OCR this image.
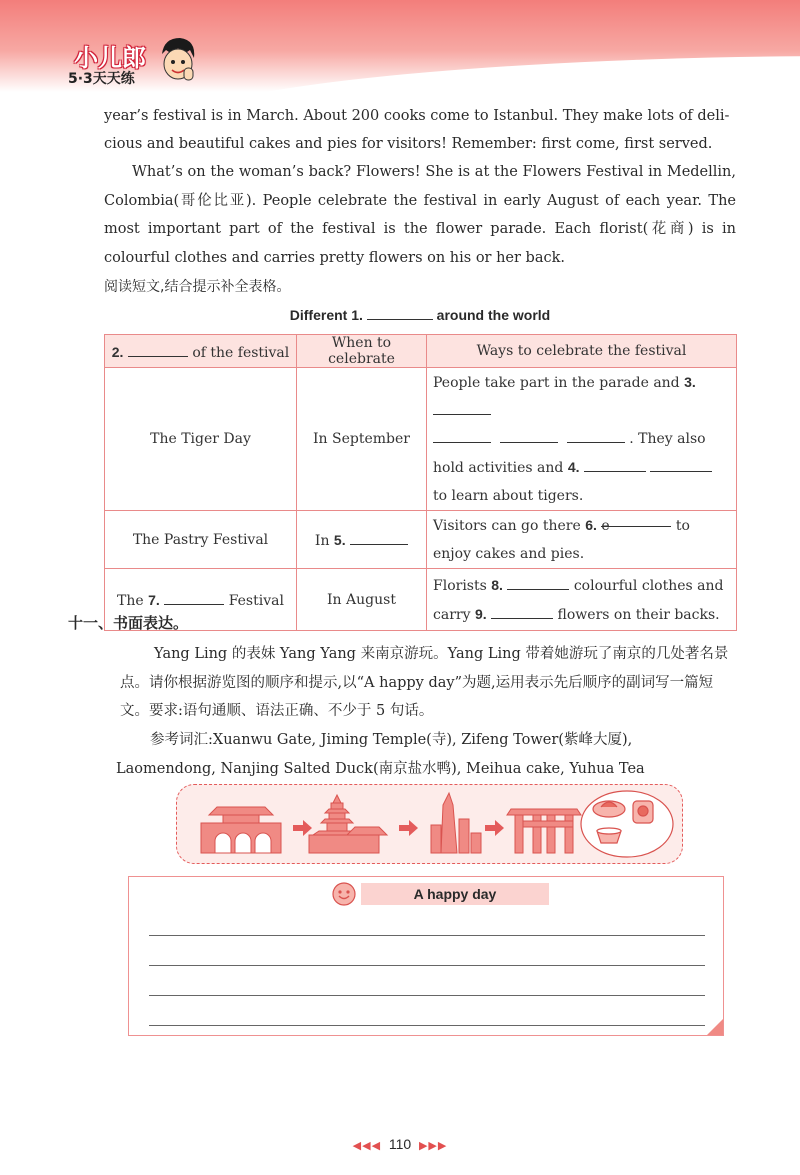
小儿郎
5·3天天练
year’s festival is in March. About 200 cooks come to Istanbul. They make lots of deli-
cious and beautiful cakes and pies for visitors! Remember: first come, first served.
What’s on the woman’s back? Flowers! She is at the Flowers Festival in Medellin, Colombia(哥伦比亚). People celebrate the festival in early August of each year. The most important part of the festival is the flower parade. Each florist(花商) is in colourful clothes and carries pretty flowers on his or her back.
阅读短文,结合提示补全表格。
Different 1.	around the world
2. of the festival	When to celebrate	Ways to celebrate the festival
The Tiger Day	In September	People take part in the parade and 3.
. They also hold activities and 4.   to learn about tigers.
The Pastry Festival	In 5.	Visitors can go there 6. e to enjoy cakes and pies.
The 7. Festival	In August	Florists 8. colourful clothes and carry 9. flowers on their backs.
十一、书面表达。
Yang Ling 的表妹 Yang Yang 来南京游玩。Yang Ling 带着她游玩了南京的几处著名景点。请你根据游览图的顺序和提示,以“A happy day”为题,运用表示先后顺序的副词写一篇短文。要求:语句通顺、语法正确、不少于 5 句话。
参考词汇:Xuanwu Gate, Jiming Temple(寺), Zifeng Tower(紫峰大厦), Laomendong, Nanjing Salted Duck(南京盐水鸭), Meihua cake, Yuhua Tea
A happy day
◀◀◀ 110 ▶▶▶
